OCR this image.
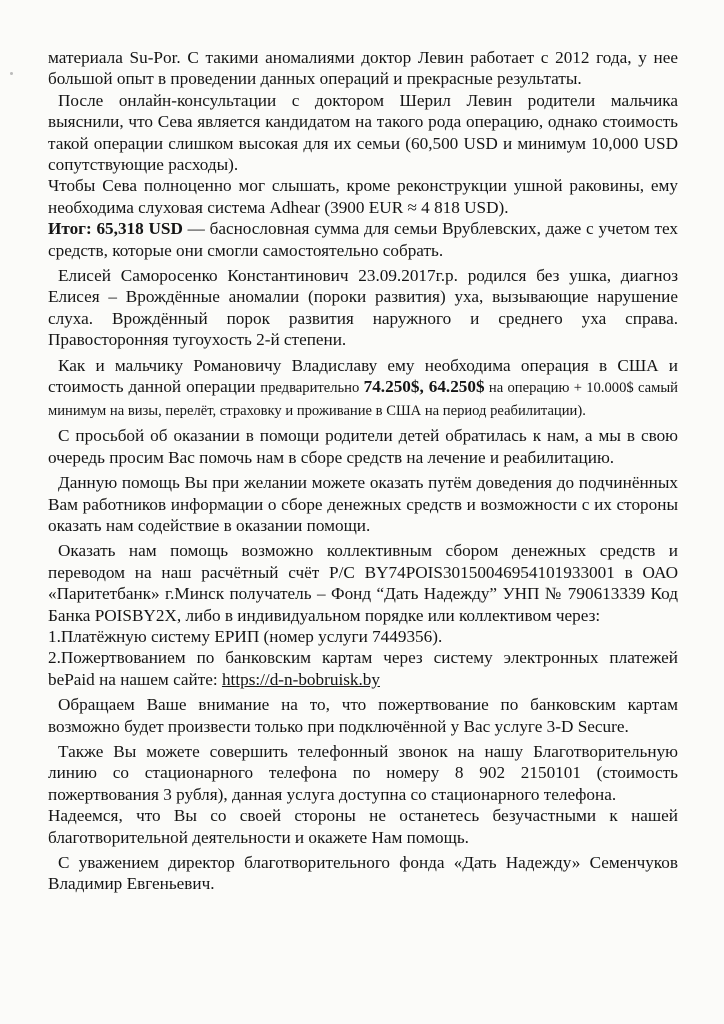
материала Su-Por. С такими аномалиями доктор Левин работает с 2012 года, у нее большой опыт в проведении данных операций и прекрасные результаты.

После онлайн-консультации с доктором Шерил Левин родители мальчика выяснили, что Сева является кандидатом на такого рода операцию, однако стоимость такой операции слишком высокая для их семьи (60,500 USD и минимум 10,000 USD сопутствующие расходы).

Чтобы Сева полноценно мог слышать, кроме реконструкции ушной раковины, ему необходима слуховая система Adhear (3900 EUR ≈ 4 818 USD).

Итог: 65,318 USD — баснословная сумма для семьи Врублевских, даже с учетом тех средств, которые они смогли самостоятельно собрать.

Елисей Самоpосенко Константинович 23.09.2017г.р. родился без ушка, диагноз Елисея – Врождённые аномалии (пороки развития) уха, вызывающие нарушение слуха. Врождённый порок развития наружного и среднего уха справа. Правосторонняя тугоухость 2-й степени.

Как и мальчику Романовичу Владиславу ему необходима операция в США и стоимость данной операции предварительно 74.250$, 64.250$ на операцию + 10.000$ самый минимум на визы, перелёт, страховку и проживание в США на период реабилитации).

С просьбой об оказании в помощи родители детей обратилась к нам, а мы в свою очередь просим Вас помочь нам в сборе средств на лечение и реабилитацию.

Данную помощь Вы при желании можете оказать путём доведения до подчинённых Вам работников информации о сборе денежных средств и возможности с их стороны оказать нам содействие в оказании помощи.

Оказать нам помощь возможно коллективным сбором денежных средств и переводом на наш расчётный счёт Р/С BY74POIS30150046954101933001 в ОАО «Паритетбанк» г.Минск получатель – Фонд “Дать Надежду” УНП № 790613339 Код Банка POISBY2X, либо в индивидуальном порядке или коллективом через:

1.Платёжную систему ЕРИП (номер услуги 7449356).

2.Пожертвованием по банковским картам через систему электронных платежей bePaid на нашем сайте: https://d-n-bobruisk.by

Обращаем Ваше внимание на то, что пожертвование по банковским картам возможно будет произвести только при подключённой у Вас услуге 3-D Secure.

Также Вы можете совершить телефонный звонок на нашу Благотворительную линию со стационарного телефона по номеру 8 902 2150101 (стоимость пожертвования 3 рубля), данная услуга доступна со стационарного телефона.

Надеемся, что Вы со своей стороны не останетесь безучастными к нашей благотворительной деятельности и окажете Нам помощь.

С уважением директор благотворительного фонда «Дать Надежду» Семенчуков Владимир Евгеньевич.
